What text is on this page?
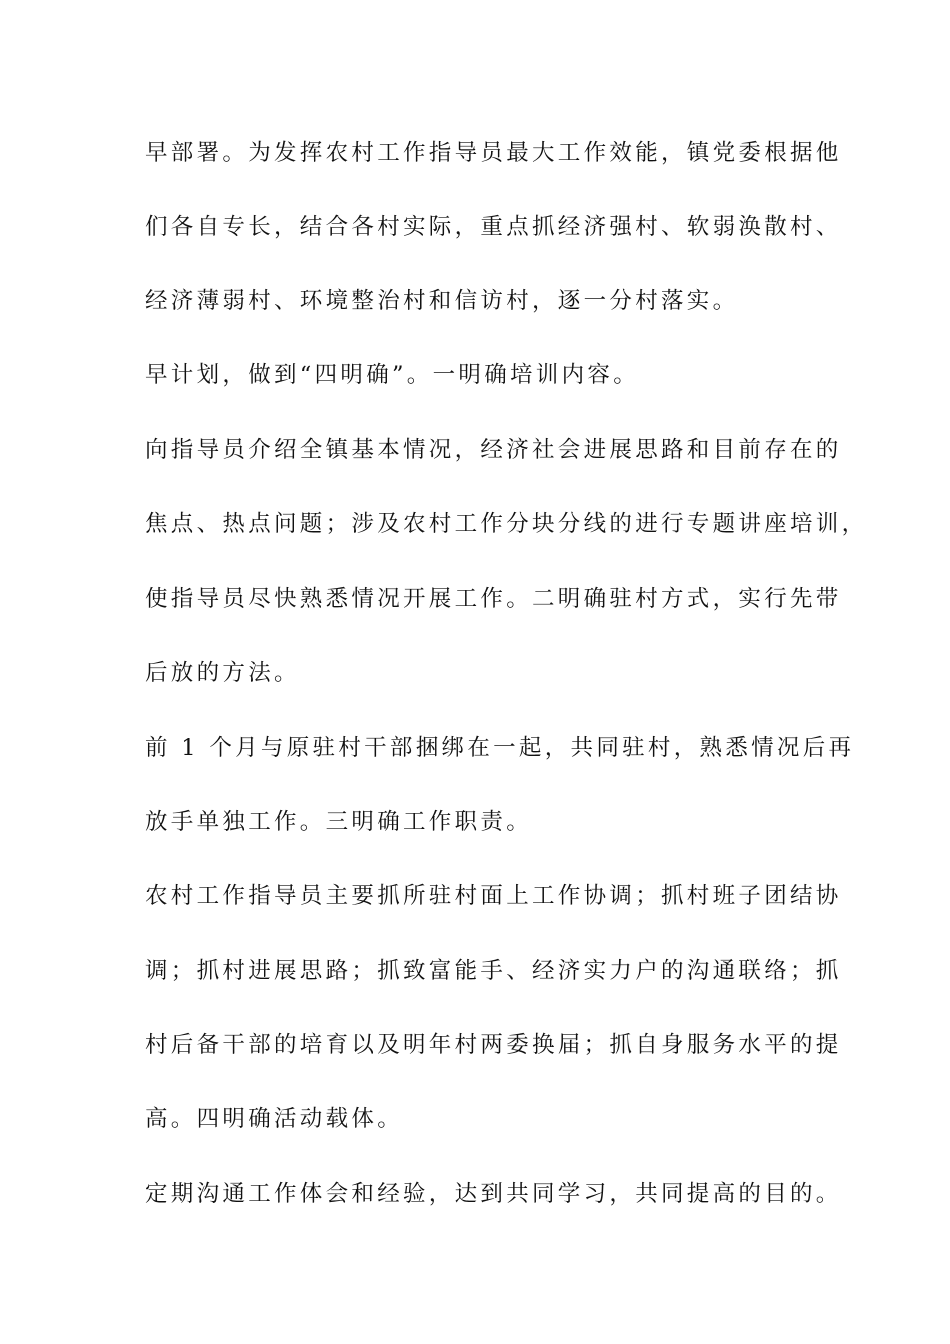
早部署。为发挥农村工作指导员最大工作效能，镇党委根据他
们各自专长，结合各村实际，重点抓经济强村、软弱涣散村、
经济薄弱村、环境整治村和信访村，逐一分村落实。
早计划，做到“四明确”。一明确培训内容。
向指导员介绍全镇基本情况，经济社会进展思路和目前存在的
焦点、热点问题；涉及农村工作分块分线的进行专题讲座培训，
使指导员尽快熟悉情况开展工作。二明确驻村方式，实行先带
后放的方法。
前 1 个月与原驻村干部捆绑在一起，共同驻村，熟悉情况后再
放手单独工作。三明确工作职责。
农村工作指导员主要抓所驻村面上工作协调；抓村班子团结协
调；抓村进展思路；抓致富能手、经济实力户的沟通联络；抓
村后备干部的培育以及明年村两委换届；抓自身服务水平的提
高。四明确活动载体。
定期沟通工作体会和经验，达到共同学习，共同提高的目的。
